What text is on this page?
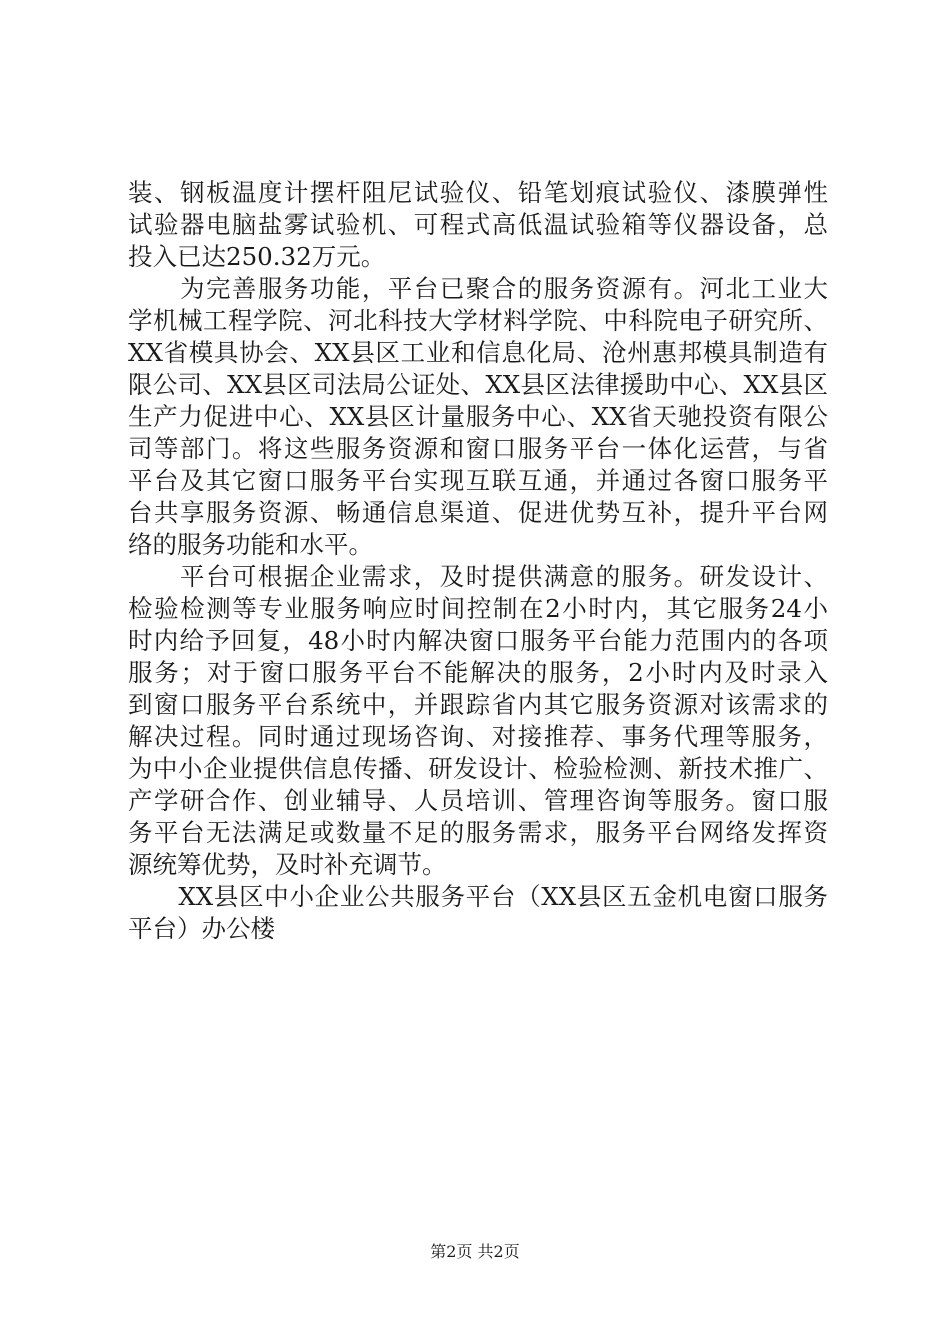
装、钢板温度计摆杆阻尼试验仪、铅笔划痕试验仪、漆膜弹性
试验器电脑盐雾试验机、可程式高低温试验箱等仪器设备，总
投入已达250.32万元。
　　为完善服务功能，平台已聚合的服务资源有。河北工业大
学机械工程学院、河北科技大学材料学院、中科院电子研究所、
XX省模具协会、XX县区工业和信息化局、沧州惠邦模具制造有
限公司、XX县区司法局公证处、XX县区法律援助中心、XX县区
生产力促进中心、XX县区计量服务中心、XX省天驰投资有限公
司等部门。将这些服务资源和窗口服务平台一体化运营，与省
平台及其它窗口服务平台实现互联互通，并通过各窗口服务平
台共享服务资源、畅通信息渠道、促进优势互补，提升平台网
络的服务功能和水平。
　　平台可根据企业需求，及时提供满意的服务。研发设计、
检验检测等专业服务响应时间控制在2小时内，其它服务24小
时内给予回复，48小时内解决窗口服务平台能力范围内的各项
服务；对于窗口服务平台不能解决的服务，2小时内及时录入
到窗口服务平台系统中，并跟踪省内其它服务资源对该需求的
解决过程。同时通过现场咨询、对接推荐、事务代理等服务，
为中小企业提供信息传播、研发设计、检验检测、新技术推广、
产学研合作、创业辅导、人员培训、管理咨询等服务。窗口服
务平台无法满足或数量不足的服务需求，服务平台网络发挥资
源统筹优势，及时补充调节。
　　XX县区中小企业公共服务平台（XX县区五金机电窗口服务
平台）办公楼
第2页 共2页
